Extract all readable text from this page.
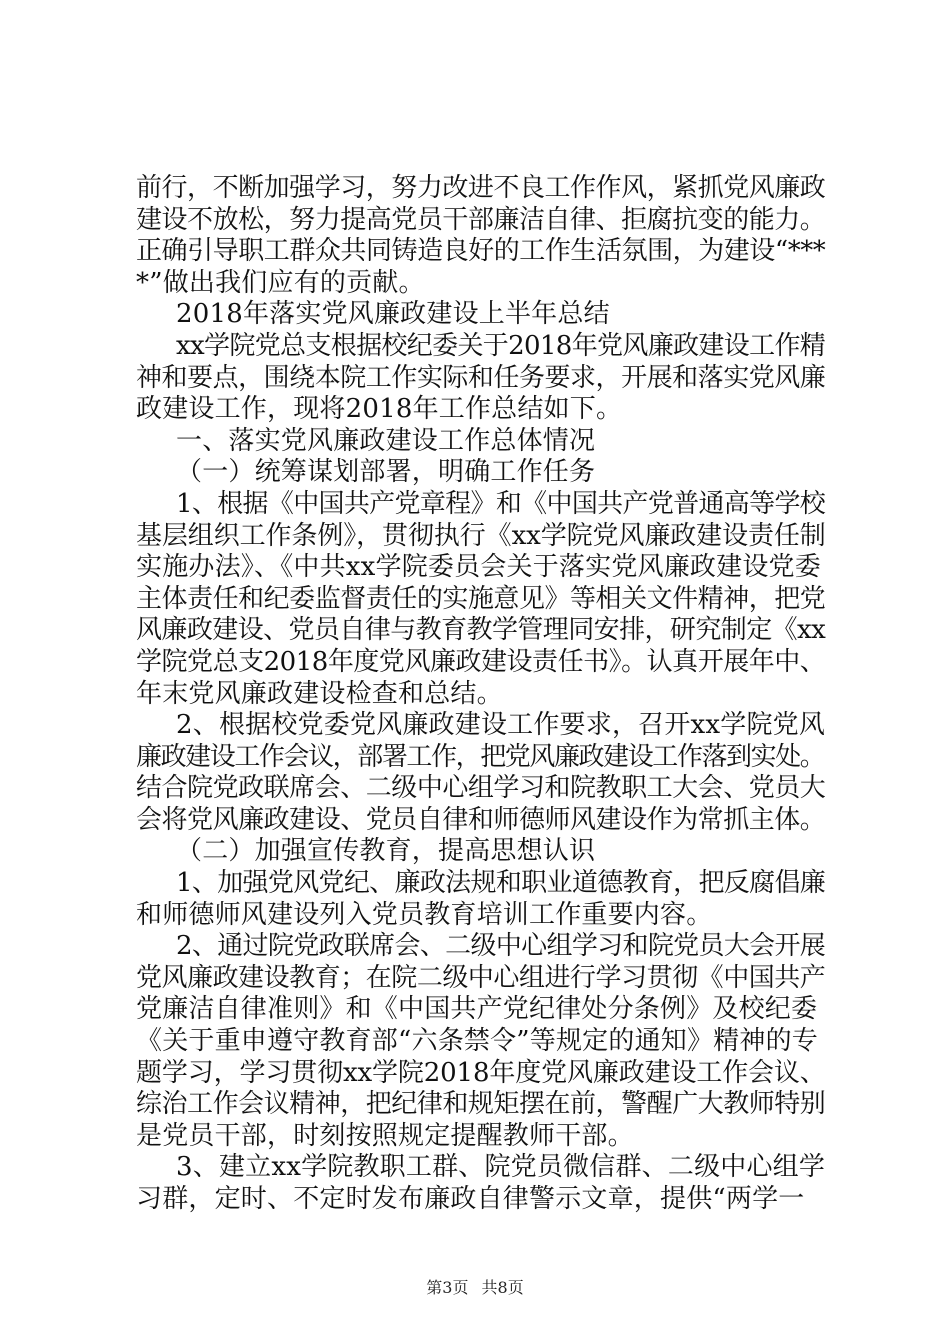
前行，不断加强学习，努力改进不良工作作风，紧抓党风廉政
建设不放松，努力提高党员干部廉洁自律、拒腐抗变的能力。
正确引导职工群众共同铸造良好的工作生活氛围，为建设“***
*”做出我们应有的贡献。
2018年落实党风廉政建设上半年总结
xx学院党总支根据校纪委关于2018年党风廉政建设工作精
神和要点，围绕本院工作实际和任务要求，开展和落实党风廉
政建设工作，现将2018年工作总结如下。
一、落实党风廉政建设工作总体情况
（一）统筹谋划部署，明确工作任务
1、根据《中国共产党章程》和《中国共产党普通高等学校
基层组织工作条例》，贯彻执行《xx学院党风廉政建设责任制
实施办法》、《中共xx学院委员会关于落实党风廉政建设党委
主体责任和纪委监督责任的实施意见》等相关文件精神，把党
风廉政建设、党员自律与教育教学管理同安排，研究制定《xx
学院党总支2018年度党风廉政建设责任书》。认真开展年中、
年末党风廉政建设检查和总结。
2、根据校党委党风廉政建设工作要求，召开xx学院党风
廉政建设工作会议，部署工作，把党风廉政建设工作落到实处。
结合院党政联席会、二级中心组学习和院教职工大会、党员大
会将党风廉政建设、党员自律和师德师风建设作为常抓主体。
（二）加强宣传教育，提高思想认识
1、加强党风党纪、廉政法规和职业道德教育，把反腐倡廉
和师德师风建设列入党员教育培训工作重要内容。
2、通过院党政联席会、二级中心组学习和院党员大会开展
党风廉政建设教育；在院二级中心组进行学习贯彻《中国共产
党廉洁自律准则》和《中国共产党纪律处分条例》及校纪委
《关于重申遵守教育部“六条禁令”等规定的通知》精神的专
题学习，学习贯彻xx学院2018年度党风廉政建设工作会议、
综治工作会议精神，把纪律和规矩摆在前，警醒广大教师特别
是党员干部，时刻按照规定提醒教师干部。
3、建立xx学院教职工群、院党员微信群、二级中心组学
习群，定时、不定时发布廉政自律警示文章，提供“两学一
第3页 共8页
